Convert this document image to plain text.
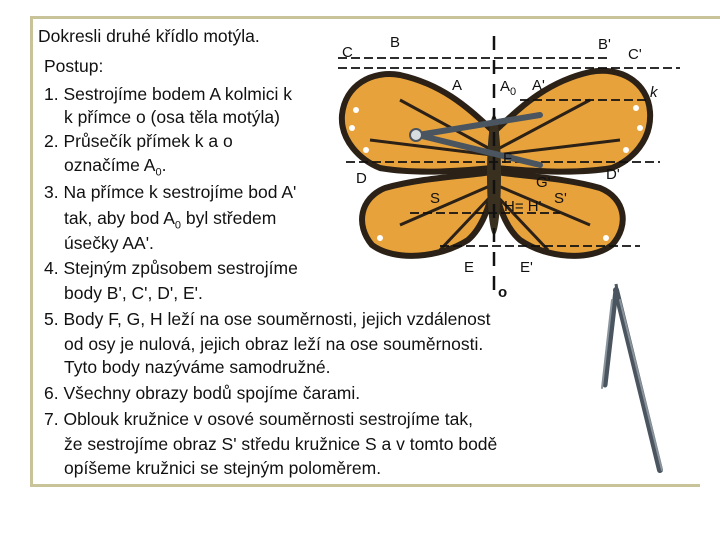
Dokresli druhé křídlo motýla.
Postup:
1. Sestrojíme bodem A kolmici k
k přímce o (osa těla motýla)
2. Průsečík přímek k a o
označíme $A_0$.
3. Na přímce k sestrojíme bod A'
tak, aby bod $A_0$ byl středem
úsečky AA'.
4. Stejným způsobem sestrojíme
body B', C', D', E'.
5. Body F, G, H leží na ose souměrnosti, jejich vzdálenost
od osy je nulová, jejich obraz leží na ose souměrnosti.
Tyto body nazýváme samodružné.
6. Všechny obrazy bodů spojíme čarami.
7. Oblouk kružnice v osové souměrnosti sestrojíme tak,
že sestrojíme obraz S' středu kružnice S a v tomto bodě
opíšeme kružnici se stejným poloměrem.
C
B	B'
C'
A	$A_0$ A'	k
D	D'
F
G'
S	H= H' S'
E	E'
o
